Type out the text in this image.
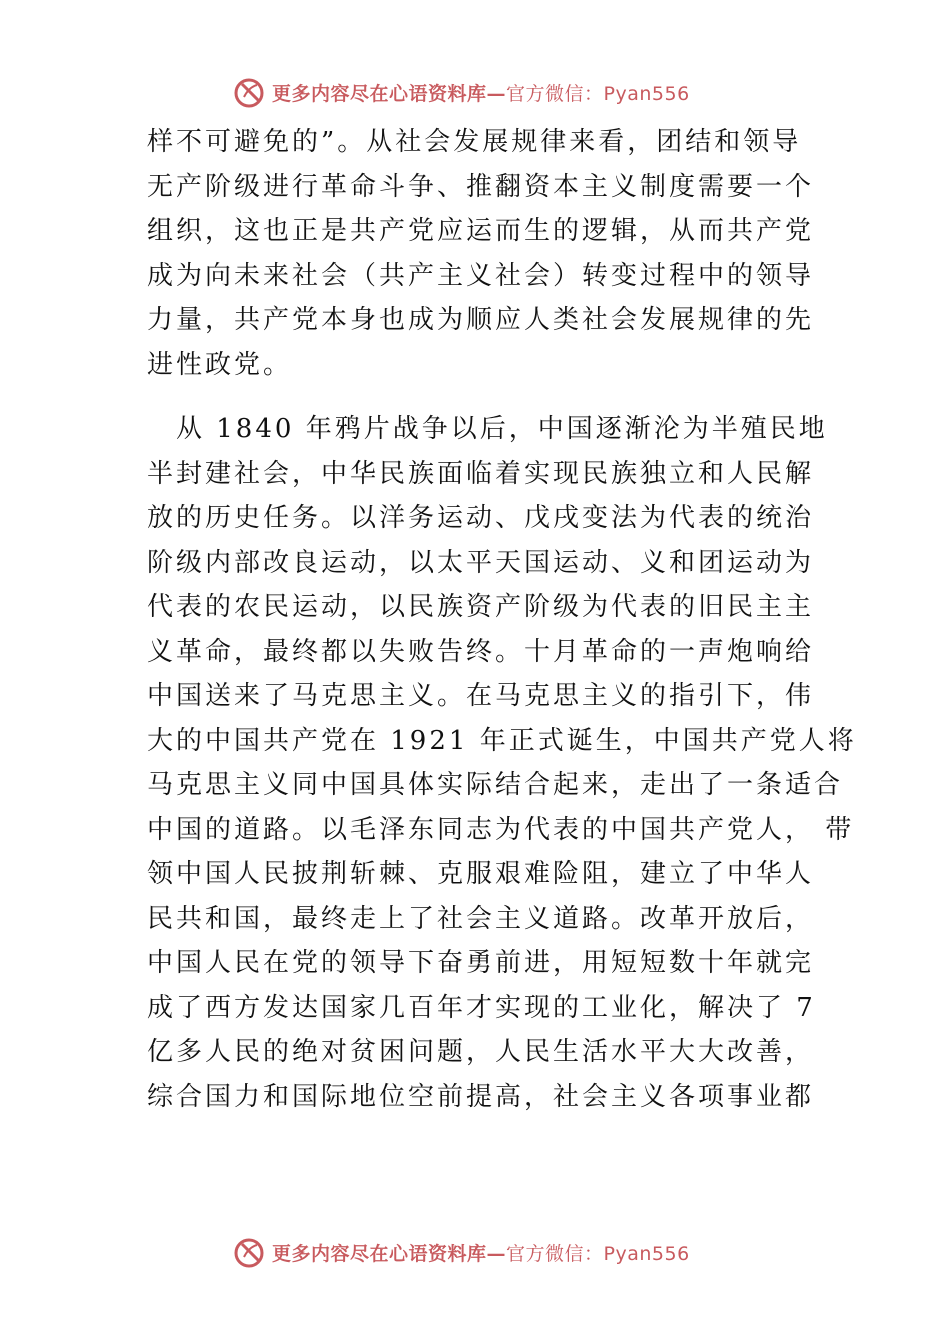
更多内容尽在心语资料库—官方微信：Pyan556
样不可避免的”。从社会发展规律来看，团结和领导
无产阶级进行革命斗争、推翻资本主义制度需要一个
组织，这也正是共产党应运而生的逻辑，从而共产党
成为向未来社会（共产主义社会）转变过程中的领导
力量，共产党本身也成为顺应人类社会发展规律的先
进性政党。
　从 1840 年鸦片战争以后，中国逐渐沦为半殖民地
半封建社会，中华民族面临着实现民族独立和人民解
放的历史任务。以洋务运动、戊戌变法为代表的统治
阶级内部改良运动，以太平天国运动、义和团运动为
代表的农民运动，以民族资产阶级为代表的旧民主主
义革命，最终都以失败告终。十月革命的一声炮响给
中国送来了马克思主义。在马克思主义的指引下，伟
大的中国共产党在 1921 年正式诞生，中国共产党人将
马克思主义同中国具体实际结合起来，走出了一条适合
中国的道路。以毛泽东同志为代表的中国共产党人， 带
领中国人民披荆斩棘、克服艰难险阻，建立了中华人
民共和国，最终走上了社会主义道路。改革开放后，
中国人民在党的领导下奋勇前进，用短短数十年就完
成了西方发达国家几百年才实现的工业化，解决了 7
亿多人民的绝对贫困问题，人民生活水平大大改善，
综合国力和国际地位空前提高，社会主义各项事业都
更多内容尽在心语资料库—官方微信：Pyan556
